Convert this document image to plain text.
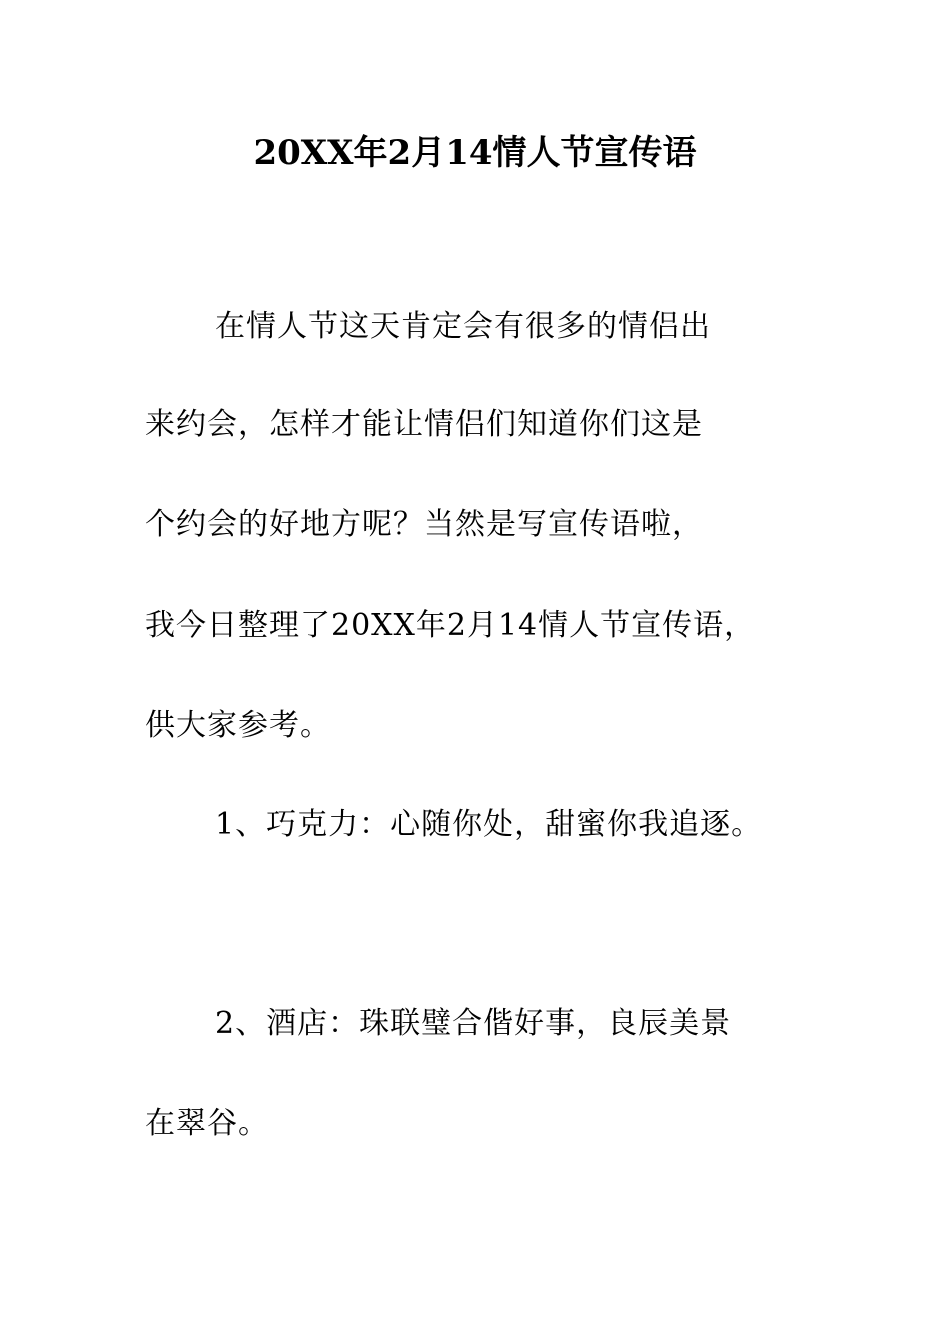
20XX年2月14情人节宣传语
在情人节这天肯定会有很多的情侣出
来约会，怎样才能让情侣们知道你们这是
个约会的好地方呢？当然是写宣传语啦，
我今日整理了20XX年2月14情人节宣传语，
供大家参考。
1、巧克力：心随你处，甜蜜你我追逐。
2、酒店：珠联璧合偕好事，良辰美景
在翠谷。
